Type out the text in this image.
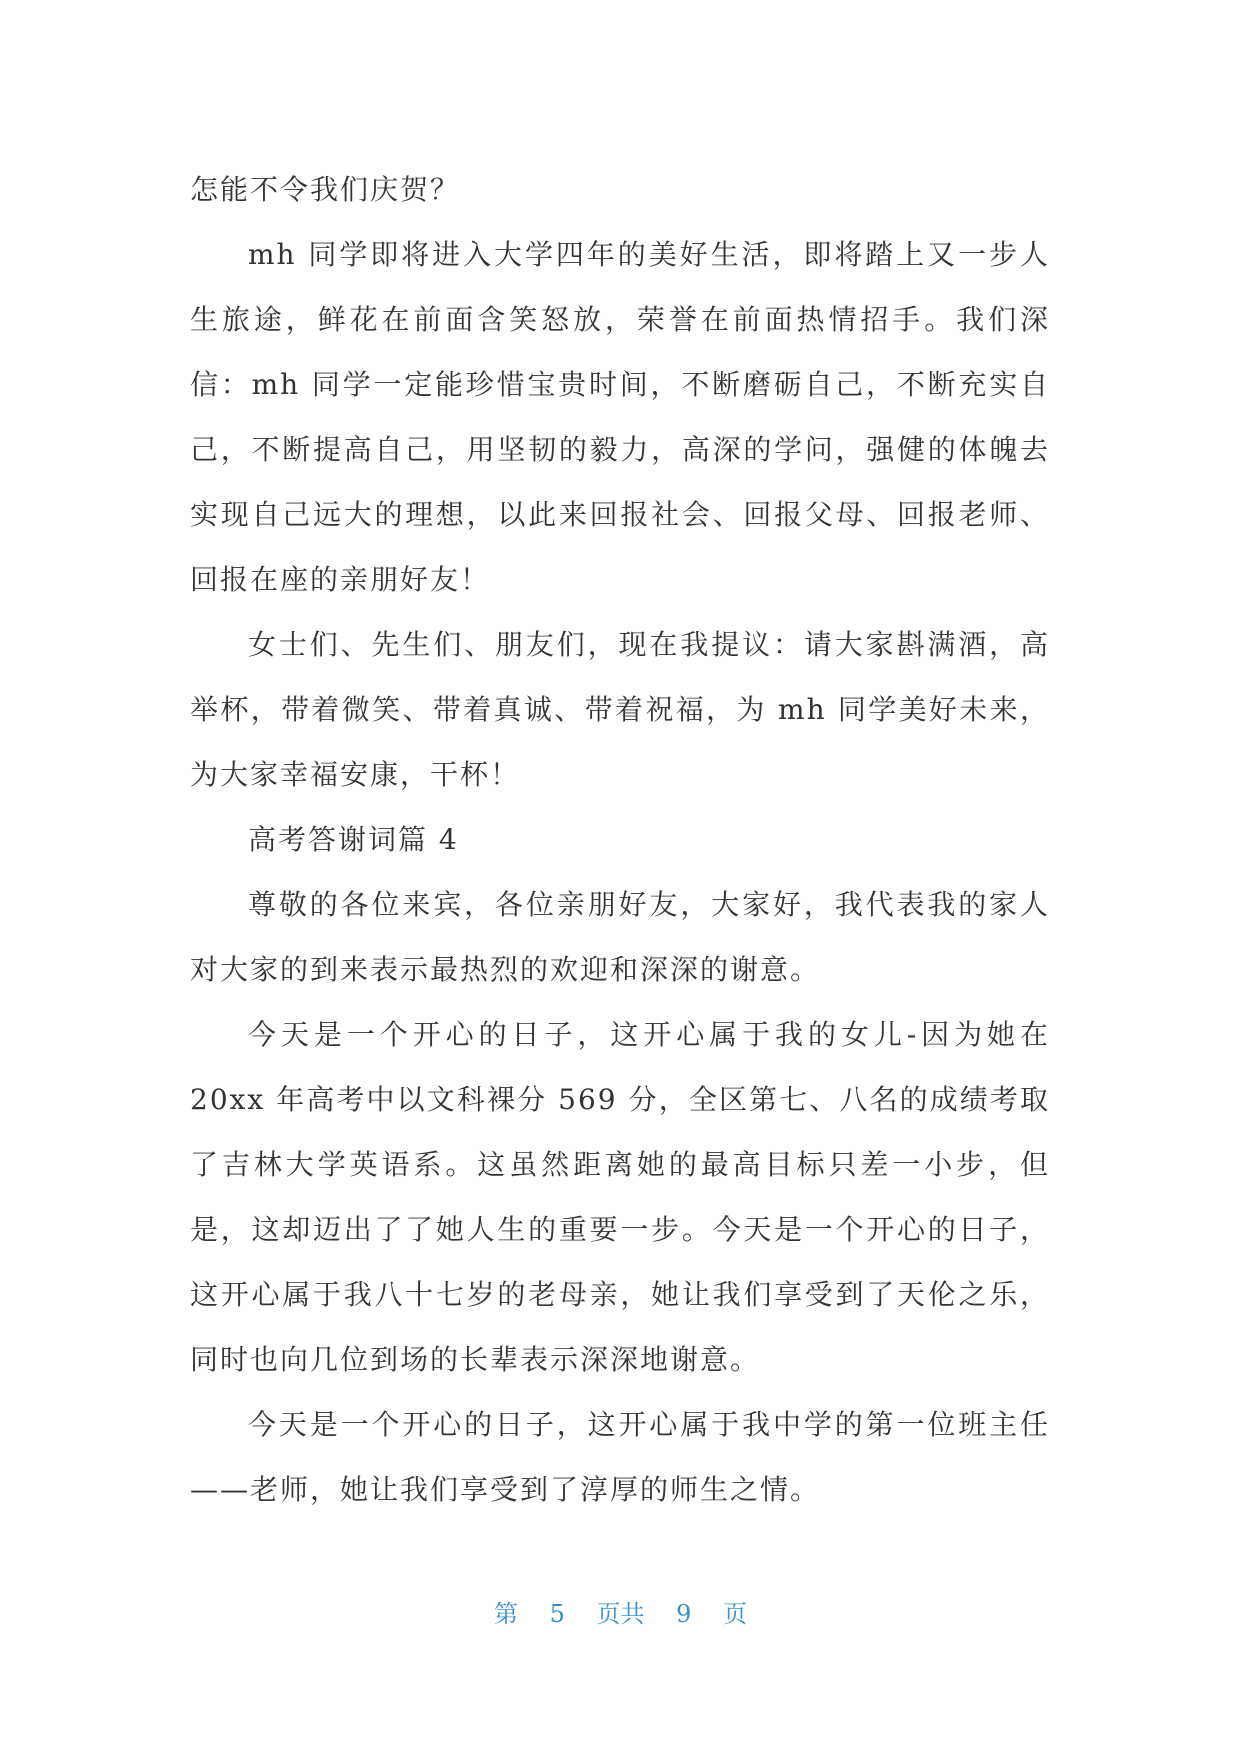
怎能不令我们庆贺？

mh 同学即将进入大学四年的美好生活，即将踏上又一步人生旅途，鲜花在前面含笑怒放，荣誉在前面热情招手。我们深信：mh 同学一定能珍惜宝贵时间，不断磨砺自己，不断充实自己，不断提高自己，用坚韧的毅力，高深的学问，强健的体魄去实现自己远大的理想，以此来回报社会、回报父母、回报老师、回报在座的亲朋好友！

女士们、先生们、朋友们，现在我提议：请大家斟满酒，高举杯，带着微笑、带着真诚、带着祝福，为 mh 同学美好未来，为大家幸福安康，干杯！

高考答谢词篇 4

尊敬的各位来宾，各位亲朋好友，大家好，我代表我的家人对大家的到来表示最热烈的欢迎和深深的谢意。

今天是一个开心的日子，这开心属于我的女儿-因为她在 20xx 年高考中以文科裸分 569 分，全区第七、八名的成绩考取了吉林大学英语系。这虽然距离她的最高目标只差一小步，但是，这却迈出了了她人生的重要一步。今天是一个开心的日子，这开心属于我八十七岁的老母亲，她让我们享受到了天伦之乐，同时也向几位到场的长辈表示深深地谢意。

今天是一个开心的日子，这开心属于我中学的第一位班主任——老师，她让我们享受到了淳厚的师生之情。

第 5 页共 9 页
